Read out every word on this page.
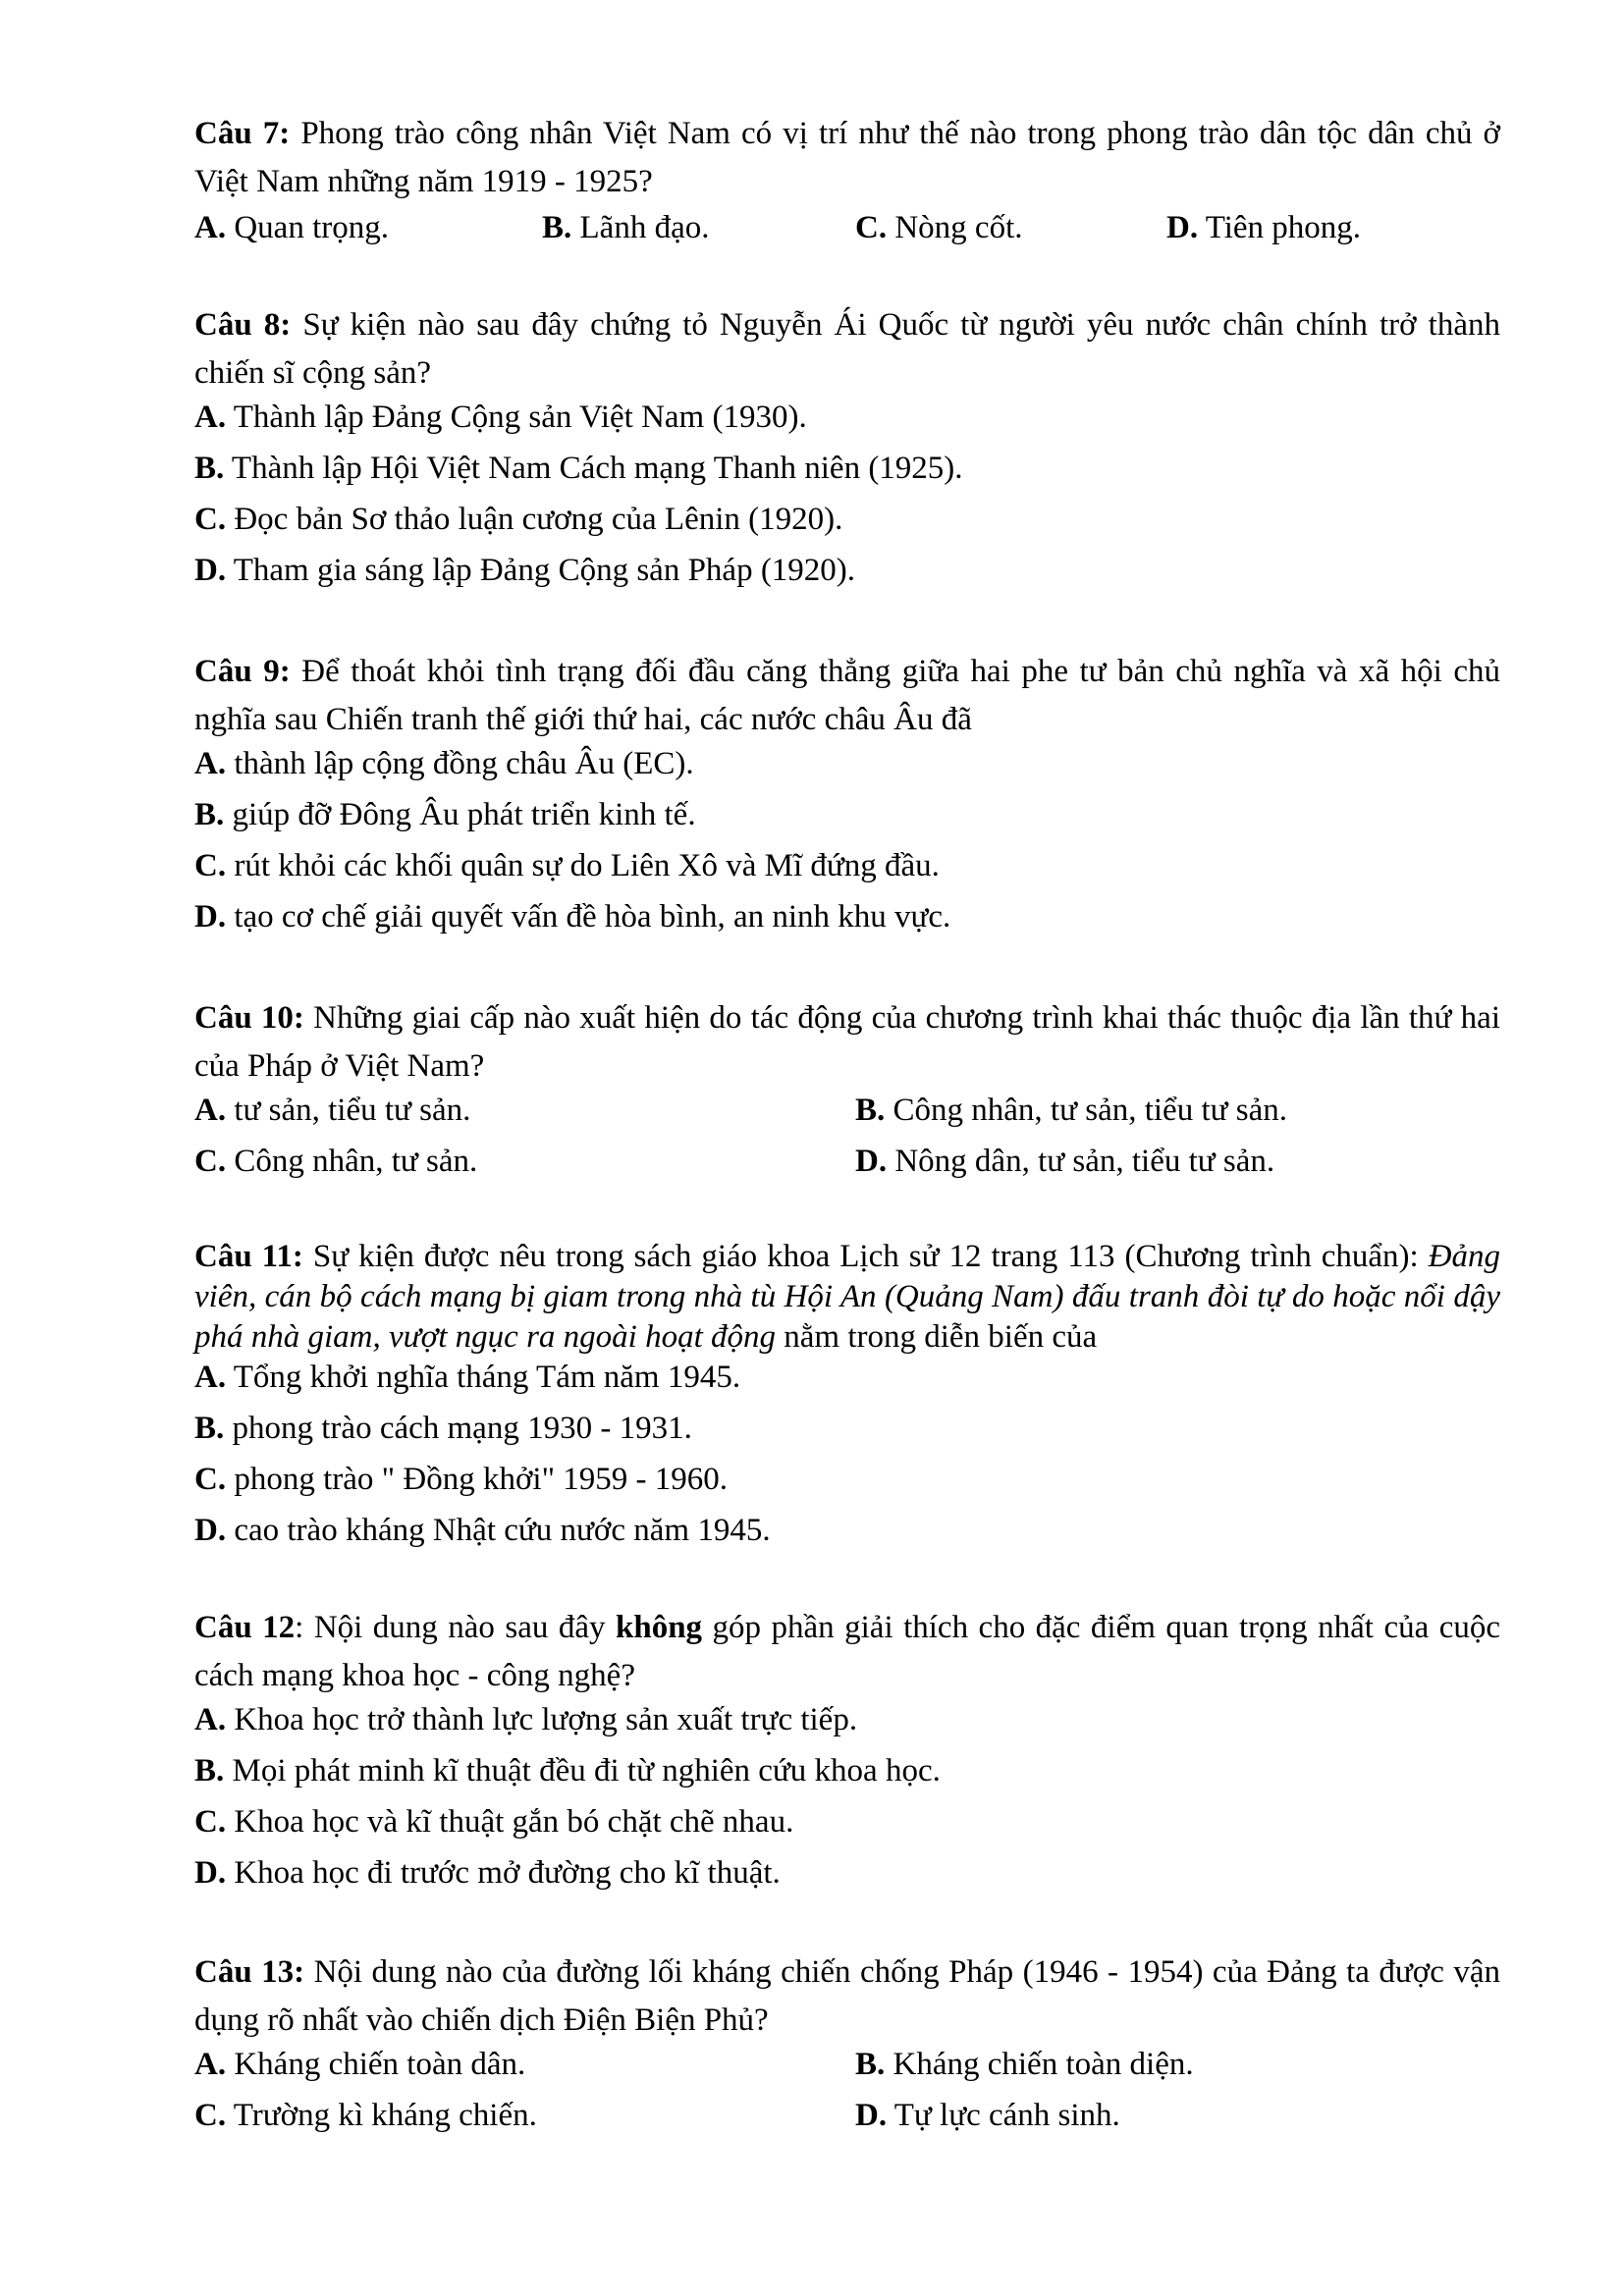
Câu 7: Phong trào công nhân Việt Nam có vị trí như thế nào trong phong trào dân tộc dân chủ ở Việt Nam những năm 1919 - 1925?
A. Quan trọng.	B. Lãnh đạo.	C. Nòng cốt.	D. Tiên phong.
Câu 8: Sự kiện nào sau đây chứng tỏ Nguyễn Ái Quốc từ người yêu nước chân chính trở thành chiến sĩ cộng sản?
A. Thành lập Đảng Cộng sản Việt Nam (1930).
B. Thành lập Hội Việt Nam Cách mạng Thanh niên (1925).
C. Đọc bản Sơ thảo luận cương của Lênin (1920).
D. Tham gia sáng lập Đảng Cộng sản Pháp (1920).
Câu 9: Để thoát khỏi tình trạng đối đầu căng thẳng giữa hai phe tư bản chủ nghĩa và xã hội chủ nghĩa sau Chiến tranh thế giới thứ hai, các nước châu Âu đã
A. thành lập cộng đồng châu Âu (EC).
B. giúp đỡ Đông Âu phát triển kinh tế.
C. rút khỏi các khối quân sự do Liên Xô và Mĩ đứng đầu.
D. tạo cơ chế giải quyết vấn đề hòa bình, an ninh khu vực.
Câu 10: Những giai cấp nào xuất hiện do tác động của chương trình khai thác thuộc địa lần thứ hai của Pháp ở Việt Nam?
A. tư sản, tiểu tư sản.	B. Công nhân, tư sản, tiểu tư sản.
C. Công nhân, tư sản.	D. Nông dân, tư sản, tiểu tư sản.
Câu 11: Sự kiện được nêu trong sách giáo khoa Lịch sử 12 trang 113 (Chương trình chuẩn): Đảng viên, cán bộ cách mạng bị giam trong nhà tù Hội An (Quảng Nam) đấu tranh đòi tự do hoặc nổi dậy phá nhà giam, vượt ngục ra ngoài hoạt động nằm trong diễn biến của
A. Tổng khởi nghĩa tháng Tám năm 1945.
B. phong trào cách mạng 1930 - 1931.
C. phong trào " Đồng khởi" 1959 - 1960.
D. cao trào kháng Nhật cứu nước năm 1945.
Câu 12: Nội dung nào sau đây không góp phần giải thích cho đặc điểm quan trọng nhất của cuộc cách mạng khoa học - công nghệ?
A. Khoa học trở thành lực lượng sản xuất trực tiếp.
B. Mọi phát minh kĩ thuật đều đi từ nghiên cứu khoa học.
C. Khoa học và kĩ thuật gắn bó chặt chẽ nhau.
D. Khoa học đi trước mở đường cho kĩ thuật.
Câu 13: Nội dung nào của đường lối kháng chiến chống Pháp (1946 - 1954) của Đảng ta được vận dụng rõ nhất vào chiến dịch Điện Biện Phủ?
A. Kháng chiến toàn dân.	B. Kháng chiến toàn diện.
C. Trường kì kháng chiến.	D. Tự lực cánh sinh.
